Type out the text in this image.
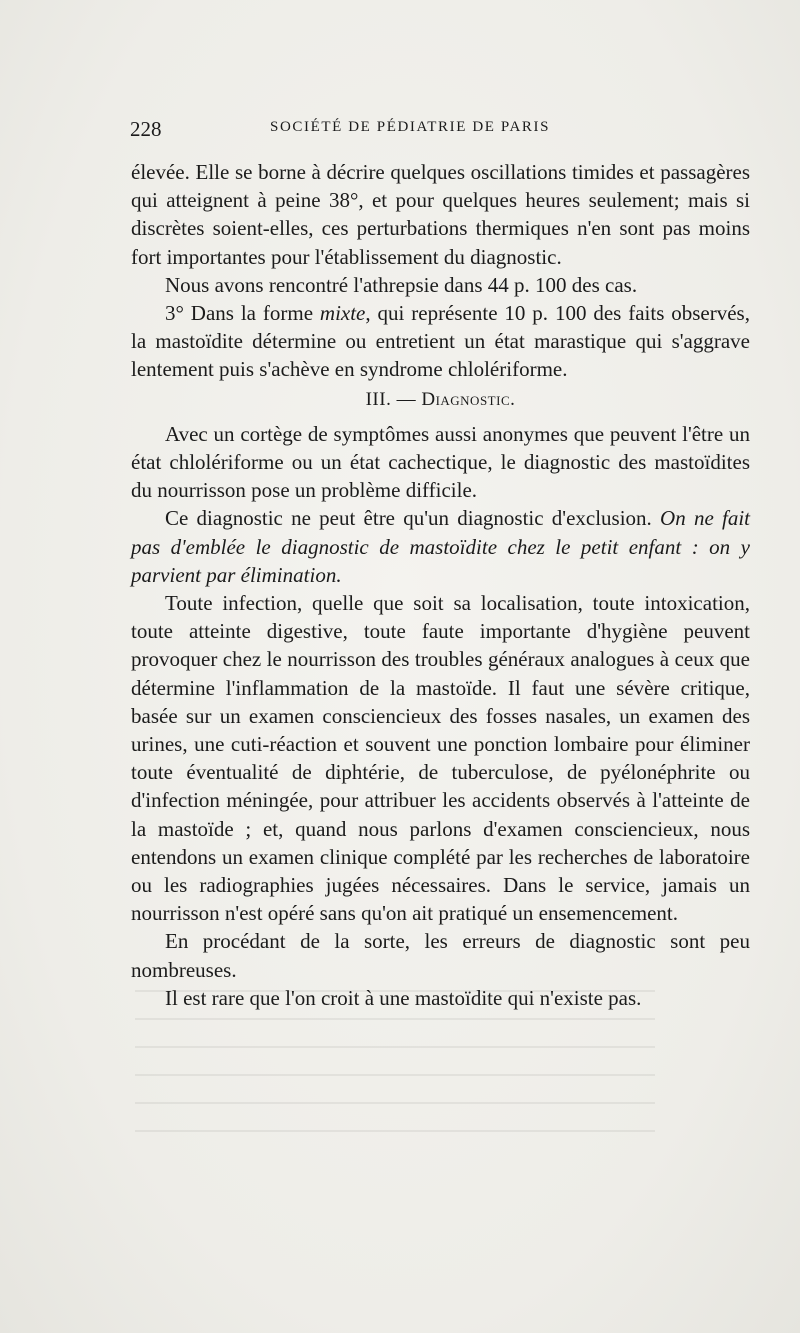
228	SOCIÉTÉ DE PÉDIATRIE DE PARIS

élevée. Elle se borne à décrire quelques oscillations timides et passagères qui atteignent à peine 38°, et pour quelques heures seulement; mais si discrètes soient-elles, ces perturbations thermiques n'en sont pas moins fort importantes pour l'établissement du diagnostic.

Nous avons rencontré l'athrepsie dans 44 p. 100 des cas.

3° Dans la forme mixte, qui représente 10 p. 100 des faits observés, la mastoïdite détermine ou entretient un état marastique qui s'aggrave lentement puis s'achève en syndrome chlolériforme.

III. — Diagnostic.

Avec un cortège de symptômes aussi anonymes que peuvent l'être un état chlolériforme ou un état cachectique, le diagnostic des mastoïdites du nourrisson pose un problème difficile.

Ce diagnostic ne peut être qu'un diagnostic d'exclusion. On ne fait pas d'emblée le diagnostic de mastoïdite chez le petit enfant : on y parvient par élimination.

Toute infection, quelle que soit sa localisation, toute intoxication, toute atteinte digestive, toute faute importante d'hygiène peuvent provoquer chez le nourrisson des troubles généraux analogues à ceux que détermine l'inflammation de la mastoïde. Il faut une sévère critique, basée sur un examen consciencieux des fosses nasales, un examen des urines, une cuti-réaction et souvent une ponction lombaire pour éliminer toute éventualité de diphtérie, de tuberculose, de pyélonéphrite ou d'infection méningée, pour attribuer les accidents observés à l'atteinte de la mastoïde ; et, quand nous parlons d'examen consciencieux, nous entendons un examen clinique complété par les recherches de laboratoire ou les radiographies jugées nécessaires. Dans le service, jamais un nourrisson n'est opéré sans qu'on ait pratiqué un ensemencement.

En procédant de la sorte, les erreurs de diagnostic sont peu nombreuses.

Il est rare que l'on croit à une mastoïdite qui n'existe pas.
